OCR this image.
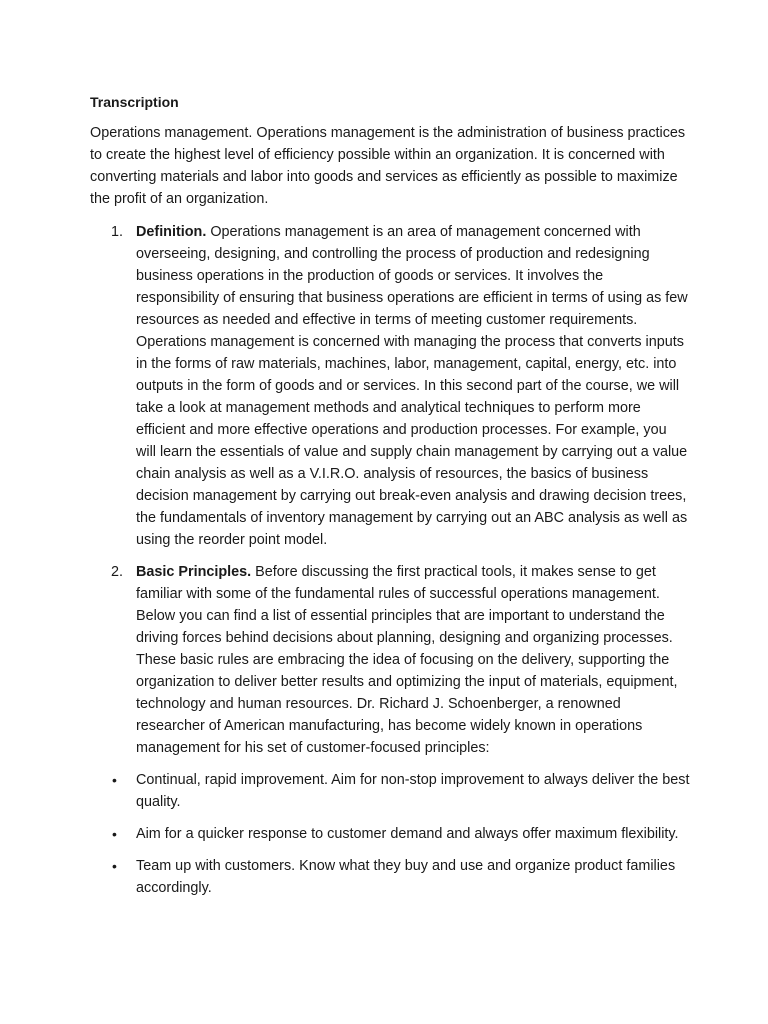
Transcription

Operations management. Operations management is the administration of business practices to create the highest level of efficiency possible within an organization. It is concerned with converting materials and labor into goods and services as efficiently as possible to maximize the profit of an organization.

1. Definition. Operations management is an area of management concerned with overseeing, designing, and controlling the process of production and redesigning business operations in the production of goods or services. It involves the responsibility of ensuring that business operations are efficient in terms of using as few resources as needed and effective in terms of meeting customer requirements. Operations management is concerned with managing the process that converts inputs in the forms of raw materials, machines, labor, management, capital, energy, etc. into outputs in the form of goods and or services. In this second part of the course, we will take a look at management methods and analytical techniques to perform more efficient and more effective operations and production processes. For example, you will learn the essentials of value and supply chain management by carrying out a value chain analysis as well as a V.I.R.O. analysis of resources, the basics of business decision management by carrying out break-even analysis and drawing decision trees, the fundamentals of inventory management by carrying out an ABC analysis as well as using the reorder point model.
2. Basic Principles. Before discussing the first practical tools, it makes sense to get familiar with some of the fundamental rules of successful operations management. Below you can find a list of essential principles that are important to understand the driving forces behind decisions about planning, designing and organizing processes. These basic rules are embracing the idea of focusing on the delivery, supporting the organization to deliver better results and optimizing the input of materials, equipment, technology and human resources. Dr. Richard J. Schoenberger, a renowned researcher of American manufacturing, has become widely known in operations management for his set of customer-focused principles:
• Continual, rapid improvement. Aim for non-stop improvement to always deliver the best quality.
• Aim for a quicker response to customer demand and always offer maximum flexibility.
• Team up with customers. Know what they buy and use and organize product families accordingly.
